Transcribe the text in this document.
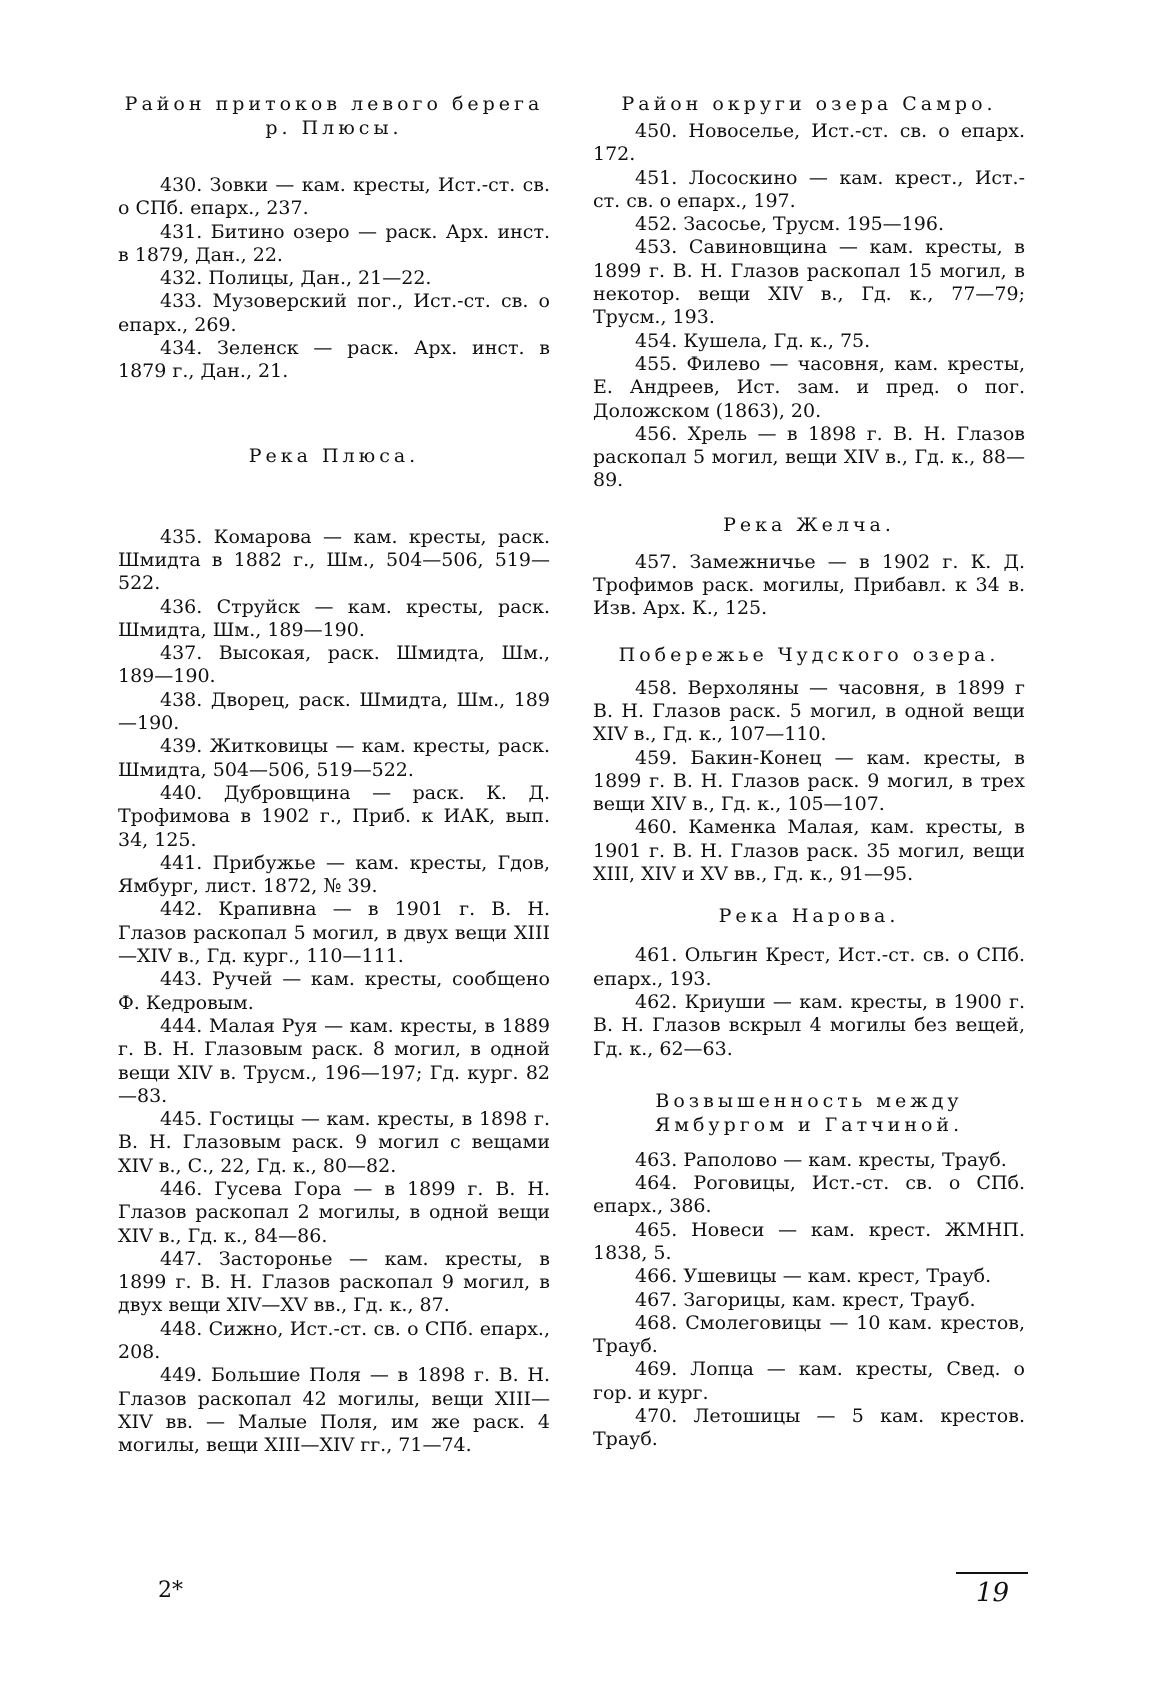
Район притоков левого берега р. Плюсы.

430. Зовки — кам. кресты, Ист.-ст. св. о СПб. епарх., 237.

431. Битино озеро — раск. Арх. инст. в 1879, Дан., 22.

432. Полицы, Дан., 21—22.

433. Музоверский пог., Ист.-ст. св. о епарх., 269.

434. Зеленск — раск. Арх. инст. в 1879 г., Дан., 21.

Река Плюса.

435. Комарова — кам. кресты, раск. Шмидта в 1882 г., Шм., 504—506, 519—522.

436. Струйск — кам. кресты, раск. Шмидта, Шм., 189—190.

437. Высокая, раск. Шмидта, Шм., 189—190.

438. Дворец, раск. Шмидта, Шм., 189—190.

439. Житковицы — кам. кресты, раск. Шмидта, 504—506, 519—522.

440. Дубровщина — раск. К. Д. Трофимова в 1902 г., Приб. к ИАК, вып. 34, 125.

441. Прибужье — кам. кресты, Гдов, Ямбург, лист. 1872, № 39.

442. Крапивна — в 1901 г. В. Н. Глазов раскопал 5 могил, в двух вещи XIII—XIV в., Гд. кург., 110—111.

443. Ручей — кам. кресты, сообщено Ф. Кедровым.

444. Малая Руя — кам. кресты, в 1889 г. В. Н. Глазовым раск. 8 могил, в одной вещи XIV в. Трусм., 196—197; Гд. кург. 82—83.

445. Гостицы — кам. кресты, в 1898 г. В. Н. Глазовым раск. 9 могил с вещами XIV в., С., 22, Гд. к., 80—82.

446. Гусева Гора — в 1899 г. В. Н. Глазов раскопал 2 могилы, в одной вещи XIV в., Гд. к., 84—86.

447. Засторонье — кам. кресты, в 1899 г. В. Н. Глазов раскопал 9 могил, в двух вещи XIV—XV вв., Гд. к., 87.

448. Сижно, Ист.-ст. св. о СПб. епарх., 208.

449. Большие Поля — в 1898 г. В. Н. Глазов раскопал 42 могилы, вещи XIII—XIV вв. — Малые Поля, им же раск. 4 могилы, вещи XIII—XIV гг., 71—74.

Район округи озера Самро.

450. Новоселье, Ист.-ст. св. о епарх. 172.

451. Лососкино — кам. крест., Ист.-ст. св. о епарх., 197.

452. Засосье, Трусм. 195—196.

453. Савиновщина — кам. кресты, в 1899 г. В. Н. Глазов раскопал 15 могил, в некотор. вещи XIV в., Гд. к., 77—79; Трусм., 193.

454. Кушела, Гд. к., 75.

455. Филево — часовня, кам. кресты, Е. Андреев, Ист. зам. и пред. о пог. Доложском (1863), 20.

456. Хрель — в 1898 г. В. Н. Глазов раскопал 5 могил, вещи XIV в., Гд. к., 88—89.

Река Желча.

457. Замежничье — в 1902 г. К. Д. Трофимов раск. могилы, Прибавл. к 34 в. Изв. Арх. К., 125.

Побережье Чудского озера.

458. Верхоляны — часовня, в 1899 г В. Н. Глазов раск. 5 могил, в одной вещи XIV в., Гд. к., 107—110.

459. Бакин-Конец — кам. кресты, в 1899 г. В. Н. Глазов раск. 9 могил, в трех вещи XIV в., Гд. к., 105—107.

460. Каменка Малая, кам. кресты, в 1901 г. В. Н. Глазов раск. 35 могил, вещи XIII, XIV и XV вв., Гд. к., 91—95.

Река Нарова.

461. Ольгин Крест, Ист.-ст. св. о СПб. епарх., 193.

462. Криуши — кам. кресты, в 1900 г. В. Н. Глазов вскрыл 4 могилы без вещей, Гд. к., 62—63.

Возвышенность между Ямбургом и Гатчиной.

463. Раполово — кам. кресты, Трауб.

464. Роговицы, Ист.-ст. св. о СПб. епарх., 386.

465. Новеси — кам. крест. ЖМНП. 1838, 5.

466. Ушевицы — кам. крест, Трауб.

467. Загорицы, кам. крест, Трауб.

468. Смолеговицы — 10 кам. крестов, Трауб.

469. Лопца — кам. кресты, Свед. о гор. и кург.

470. Летошицы — 5 кам. крестов. Трауб.

2*	19
